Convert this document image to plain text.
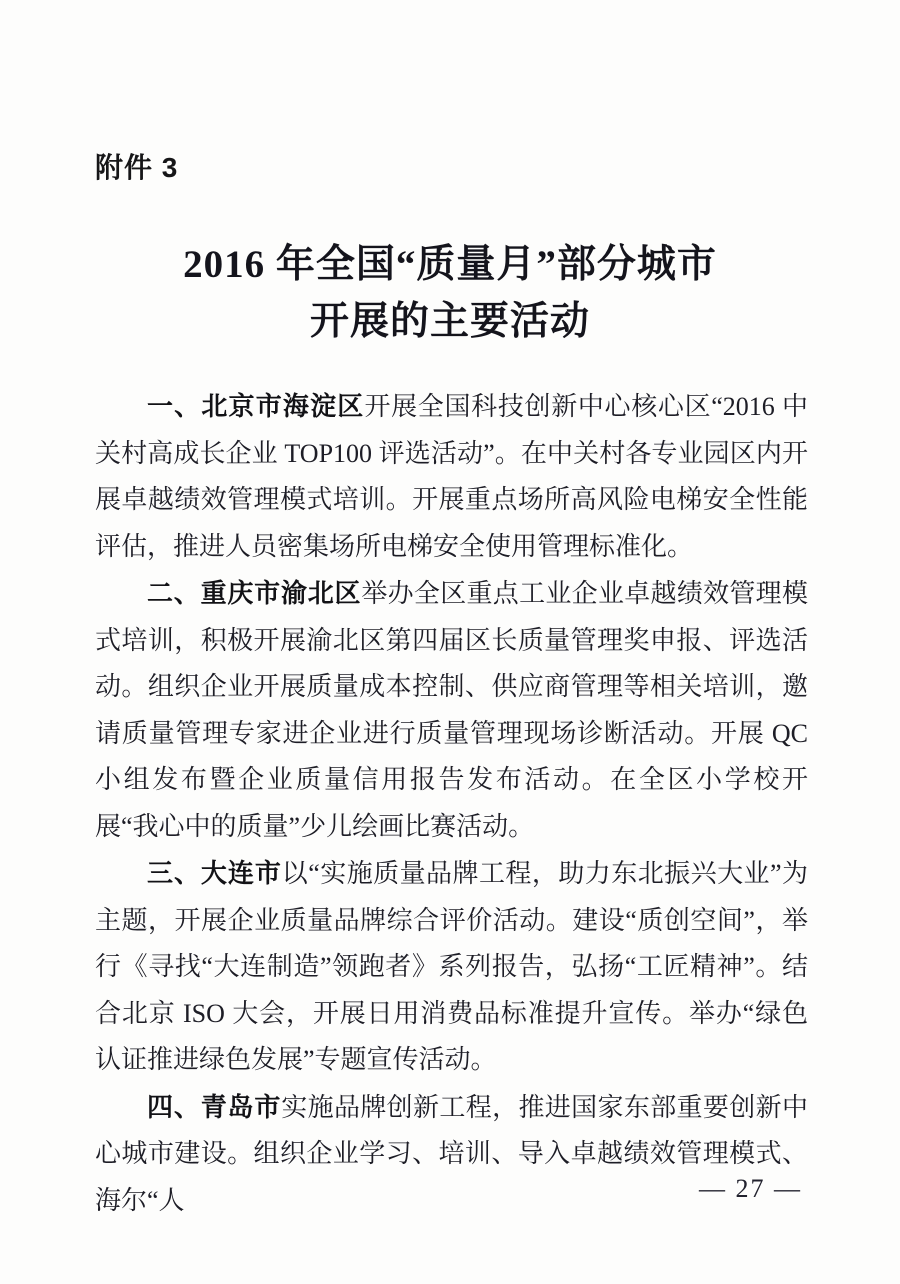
附件 3
2016 年全国“质量月”部分城市
开展的主要活动

一、北京市海淀区开展全国科技创新中心核心区“2016 中关村高成长企业 TOP100 评选活动”。在中关村各专业园区内开展卓越绩效管理模式培训。开展重点场所高风险电梯安全性能评估，推进人员密集场所电梯安全使用管理标准化。

二、重庆市渝北区举办全区重点工业企业卓越绩效管理模式培训，积极开展渝北区第四届区长质量管理奖申报、评选活动。组织企业开展质量成本控制、供应商管理等相关培训，邀请质量管理专家进企业进行质量管理现场诊断活动。开展 QC 小组发布暨企业质量信用报告发布活动。在全区小学校开展“我心中的质量”少儿绘画比赛活动。

三、大连市以“实施质量品牌工程，助力东北振兴大业”为主题，开展企业质量品牌综合评价活动。建设“质创空间”，举行《寻找“大连制造”领跑者》系列报告，弘扬“工匠精神”。结合北京 ISO 大会，开展日用消费品标准提升宣传。举办“绿色认证推进绿色发展”专题宣传活动。

四、青岛市实施品牌创新工程，推进国家东部重要创新中心城市建设。组织企业学习、培训、导入卓越绩效管理模式、海尔“人	— 27 —
